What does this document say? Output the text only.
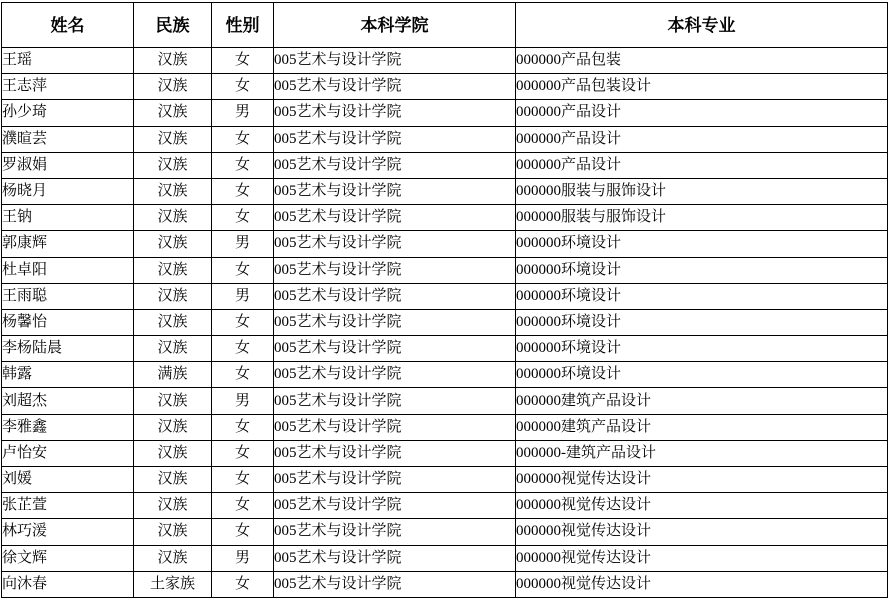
姓名	民族	性别	本科学院	本科专业
王瑶	汉族	女	005艺术与设计学院	000000产品包装
王志萍	汉族	女	005艺术与设计学院	000000产品包装设计
孙少琦	汉族	男	005艺术与设计学院	000000产品设计
濮暄芸	汉族	女	005艺术与设计学院	000000产品设计
罗淑娟	汉族	女	005艺术与设计学院	000000产品设计
杨晓月	汉族	女	005艺术与设计学院	000000服装与服饰设计
王钠	汉族	女	005艺术与设计学院	000000服装与服饰设计
郭康辉	汉族	男	005艺术与设计学院	000000环境设计
杜卓阳	汉族	女	005艺术与设计学院	000000环境设计
王雨聪	汉族	男	005艺术与设计学院	000000环境设计
杨馨怡	汉族	女	005艺术与设计学院	000000环境设计
李杨陆晨	汉族	女	005艺术与设计学院	000000环境设计
韩露	满族	女	005艺术与设计学院	000000环境设计
刘超杰	汉族	男	005艺术与设计学院	000000建筑产品设计
李雅鑫	汉族	女	005艺术与设计学院	000000建筑产品设计
卢怡安	汉族	女	005艺术与设计学院	000000-建筑产品设计
刘媛	汉族	女	005艺术与设计学院	000000视觉传达设计
张芷萱	汉族	女	005艺术与设计学院	000000视觉传达设计
林巧湲	汉族	女	005艺术与设计学院	000000视觉传达设计
徐文辉	汉族	男	005艺术与设计学院	000000视觉传达设计
向沐春	土家族	女	005艺术与设计学院	000000视觉传达设计
